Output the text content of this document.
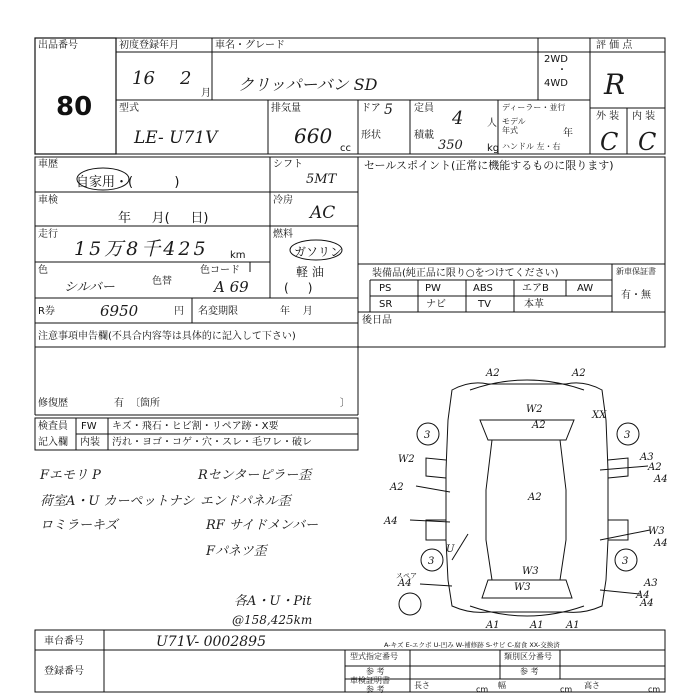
出品番号
80
初度登録年月
16 2
月
車名・グレード
クリッパーバン SD
2WD
・
4WD
評 価 点
R
外 装 内 装
C C
型式
LE- U71V
排気量
660
cc
ドア 5 定員 4 人
形状	積載
350 kg
ディーラー・並行
モデル年式	年
ハンドル 左・右
車歴
自家用・(          )
シフト
5MT
車検
年     月(     日)
冷房
AC
走行
15万8千425 km
燃料
ガソリン
軽 油
(     )
色
シルバー	色替
色コード
A 69
R券	6950	円 名変期限	年    月
セールスポイント(正常に機能するものに限ります)
装備品(純正品に限り○をつけてください)
PS	PW	ABS	エアB	AW
SR	ナビ	TV	本革
新車保証書
有・無
後日品
注意事項申告欄(不具合内容等は具体的に記入して下さい)
修復歴	有 〔箇所	〕
検査員
記入欄
FW キズ・飛石・ヒビ割・リペア跡・X要
内装 汚れ・ヨゴ・コゲ・穴・スレ・毛ワレ・破レ
Fエモリ P
荷室A・U カーペットナシ
ロミラーキズ
Rセンターピラー歪
エンドパネル歪
RF サイドメンバー
Fパネツ歪
各A・U・Pit
@158,425km
A2	A2
W2
A2
XX
3	3
W2
A2
A2
A2
A4
U
W3
W3
W3
A4
3	3
A4
A1	A1 A1
A4
A4
A3
A3
A4
スペア
A-キズ E-エクボ U-凹み W-補修跡 S-サビ C-腐食 XX-交換済
車台番号	U71V- 0002895
登録番号
型式指定番号
参 考
類別区分番号
参 考
車検証明書
参 考	長さ	cm 幅	cm 高さ	cm
